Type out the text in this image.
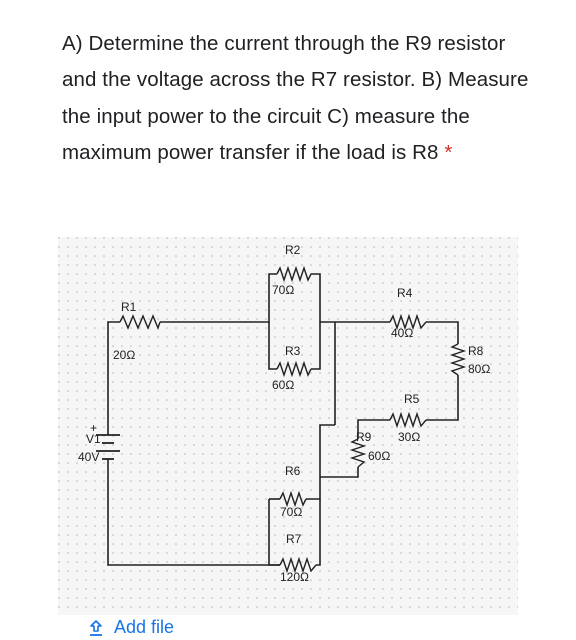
A) Determine the current through the R9 resistor and the voltage across the R7 resistor. B) Measure the input power to the circuit C) measure the maximum power transfer if the load is R8 *
+
R1
20Ω
R2
70Ω
R3
60Ω
R4
40Ω
R5
30Ω
R6
70Ω
R7
120Ω
R8
80Ω
R9
60Ω
V1
40V
Add file
